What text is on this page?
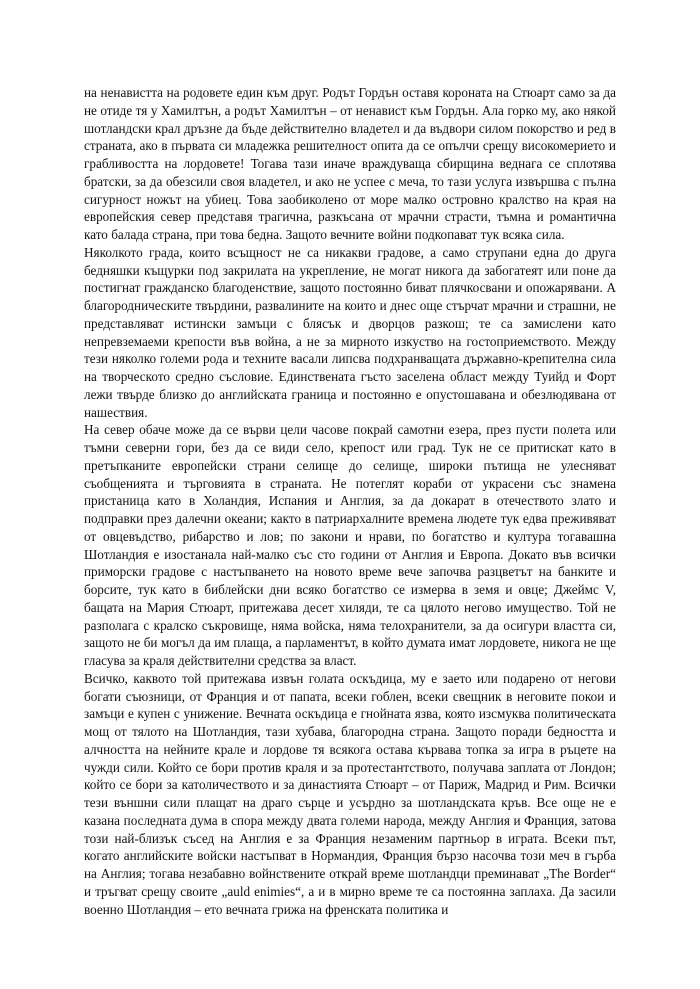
на ненавистта на родовете един към друг. Родът Гордън оставя короната на Стюарт само за да не отиде тя у Хамилтън, а родът Хамилтън – от ненавист към Гордън. Ала горко му, ако някой шотландски крал дръзне да бъде действително владетел и да въдвори силом покорство и ред в страната, ако в първата си младежка решителност опита да се опълчи срещу високомерието и грабливостта на лордовете! Тогава тази иначе враждуваща сбирщина веднага се сплотява братски, за да обезсили своя владетел, и ако не успее с меча, то тази услуга извършва с пълна сигурност ножът на убиец. Това заобиколено от море малко островно кралство на края на европейския север представя трагична, разкъсана от мрачни страсти, тъмна и романтична като балада страна, при това бедна. Защото вечните войни подкопават тук всяка сила.

Няколкото града, които всъщност не са никакви градове, а само струпани една до друга бедняшки къщурки под закрилата на укрепление, не могат никога да забогатеят или поне да постигнат гражданско благоденствие, защото постоянно биват плячкосвани и опожарявани. А благородническите твърдини, развалините на които и днес още стърчат мрачни и страшни, не представляват истински замъци с блясък и дворцов разкош; те са замислени като непревземаеми крепости във война, а не за мирното изкуство на гостоприемството. Между тези няколко големи рода и техните васали липсва подхранващата държавно-крепителна сила на творческото средно съсловие. Единствената гъсто заселена област между Туийд и Форт лежи твърде близко до английската граница и постоянно е опустошавана и обезлюдявана от нашествия.

На север обаче може да се върви цели часове покрай самотни езера, през пусти полета или тъмни северни гори, без да се види село, крепост или град. Тук не се притискат като в претъпканите европейски страни селище до селище, широки пътища не улесняват съобщенията и търговията в страната. Не потеглят кораби от украсени със знамена пристаница като в Холандия, Испания и Англия, за да докарат в отечеството злато и подправки през далечни океани; както в патриархалните времена людете тук едва преживяват от овцевъдство, рибарство и лов; по закони и нрави, по богатство и култура тогавашна Шотландия е изостанала най-малко със сто години от Англия и Европа. Докато във всички приморски градове с настъпването на новото време вече започва разцветът на банките и борсите, тук като в библейски дни всяко богатство се измерва в земя и овце; Джеймс V, бащата на Мария Стюарт, притежава десет хиляди, те са цялото негово имущество. Той не разполага с кралско съкровище, няма войска, няма телохранители, за да осигури властта си, защото не би могъл да им плаща, а парламентът, в който думата имат лордовете, никога не ще гласува за краля действителни средства за власт.

Всичко, каквото той притежава извън голата оскъдица, му е заето или подарено от негови богати съюзници, от Франция и от папата, всеки гоблен, всеки свещник в неговите покои и замъци е купен с унижение. Вечната оскъдица е гнойната язва, която изсмуква политическата мощ от тялото на Шотландия, тази хубава, благородна страна. Защото поради бедността и алчността на нейните крале и лордове тя всякога остава кървава топка за игра в ръцете на чужди сили. Който се бори против краля и за протестантството, получава заплата от Лондон; който се бори за католичеството и за династията Стюарт – от Париж, Мадрид и Рим. Всички тези външни сили плащат на драго сърце и усърдно за шотландската кръв. Все още не е казана последната дума в спора между двата големи народа, между Англия и Франция, затова този най-близък съсед на Англия е за Франция незаменим партньор в играта. Всеки път, когато английските войски настъпват в Нормандия, Франция бързо насочва този меч в гърба на Англия; тогава незабавно войнствените открай време шотландци преминават „The Border“ и тръгват срещу своите „auld enimies“, а и в мирно време те са постоянна заплаха. Да засили военно Шотландия – ето вечната грижа на френската политика и
